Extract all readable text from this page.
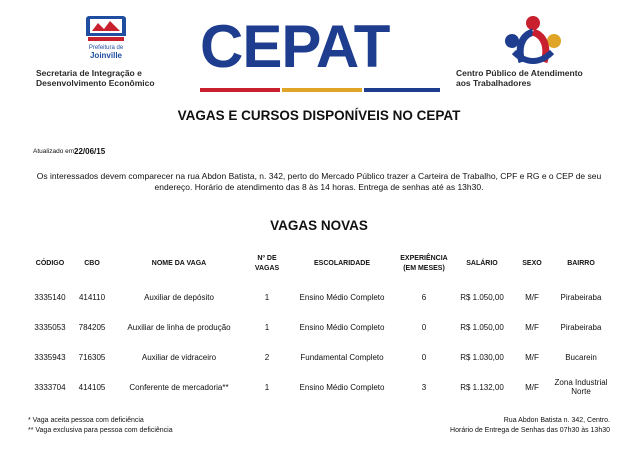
Prefeitura de
Joinville
Secretaria de Integração e
Desenvolvimento Econômico
CEPAT	Centro Público de Atendimento
aos Trabalhadores
VAGAS E CURSOS DISPONÍVEIS NO CEPAT
Atualizado em 22/06/15
Os interessados devem comparecer na rua Abdon Batista, n. 342, perto do Mercado Público trazer a Carteira de Trabalho, CPF e RG e o CEP de seu endereço. Horário de atendimento das 8 às 14 horas. Entrega de senhas até as 13h30.
VAGAS NOVAS
CÓDIGO	CBO	NOME DA VAGA	Nº DE VAGAS	ESCOLARIDADE	EXPERIÊNCIA (EM MESES)	SALÁRIO	SEXO	BAIRRO
3335140	414110	Auxiliar de depósito	1	Ensino Médio Completo	6	R$ 1.050,00	M/F	Pirabeiraba
3335053	784205	Auxiliar de linha de produção	1	Ensino Médio Completo	0	R$ 1.050,00	M/F	Pirabeiraba
3335943	716305	Auxiliar de vidraceiro	2	Fundamental Completo	0	R$ 1.030,00	M/F	Bucarein
3333704	414105	Conferente de mercadoria**	1	Ensino Médio Completo	3	R$ 1.132,00	M/F	Zona Industrial Norte
* Vaga aceita pessoa com deficiência
** Vaga exclusiva para pessoa com deficiência
Rua Abdon Batista n. 342, Centro.
Horário de Entrega de Senhas das 07h30 às 13h30
